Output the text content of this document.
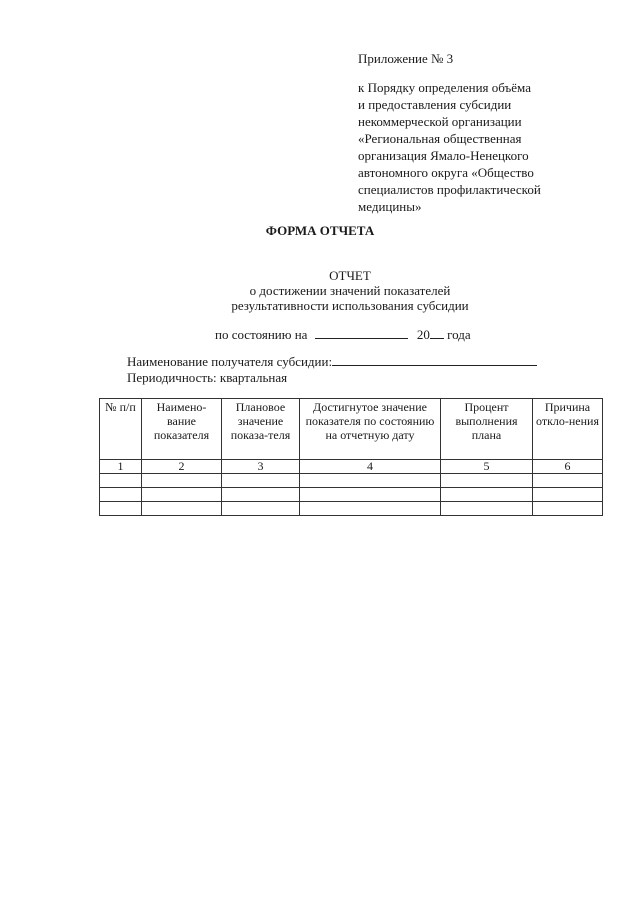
Приложение № 3
к Порядку определения объёма
и предоставления субсидии
некоммерческой организации
«Региональная общественная
организация Ямало-Ненецкого
автономного округа «Общество
специалистов профилактической
медицины»
ФОРМА ОТЧЕТА
ОТЧЕТ
о достижении значений показателей
результативности использования субсидии
по состоянию на	20 года
Наименование получателя субсидии:
Периодичность: квартальная
№ п/п	Наимено-вание показателя	Плановое значение показа-теля	Достигнутое значение показателя по состоянию на отчетную дату	Процент выполнения плана	Причина откло-нения
1	2	3	4	5	6
